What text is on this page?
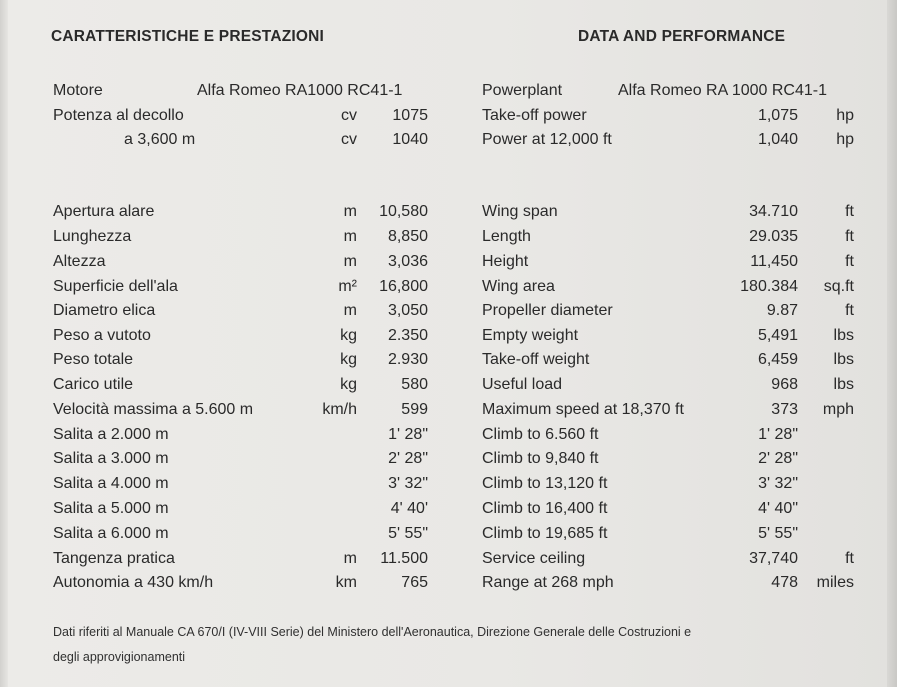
CARATTERISTICHE E PRESTAZIONI	DATA AND PERFORMANCE
Motore	Alfa Romeo RA1000 RC41-1
Potenza al decollo	cv 1075
a 3,600 m	cv 1040
Apertura alare	m 10,580
Lunghezza	m 8,850
Altezza	m 3,036
Superficie dell'ala	m² 16,800
Diametro elica	m 3,050
Peso a vutoto	kg 2.350
Peso totale	kg 2.930
Carico utile	kg	580
Velocità massima a 5.600 m	km/h	599
Salita a 2.000 m	1' 28"
Salita a 3.000 m	2' 28"
Salita a 4.000 m	3' 32"
Salita a 5.000 m	4' 40'
Salita a 6.000 m	5' 55"
Tangenza pratica	m 11.500
Autonomia a 430 km/h	km	765
Powerplant	Alfa Romeo RA 1000 RC41-1
Take-off power	1,075 hp
Power at 12,000 ft	1,040 hp
Wing span	34.710	ft
Length	29.035	ft
Height	11,450	ft
Wing area	180.384 sq.ft
Propeller diameter	9.87	ft
Empty weight	5,491 lbs
Take-off weight	6,459 lbs
Useful load	968 lbs
Maximum speed at 18,370 ft	373 mph
Climb to 6.560 ft	1' 28"
Climb to 9,840 ft	2' 28"
Climb to 13,120 ft	3' 32"
Climb to 16,400 ft	4' 40"
Climb to 19,685 ft	5' 55"
Service ceiling	37,740	ft
Range at 268 mph	478 miles
Dati riferiti al Manuale CA 670/I (IV-VIII Serie) del Ministero dell'Aeronautica, Direzione Generale delle Costruzioni e
degli approvigionamenti
